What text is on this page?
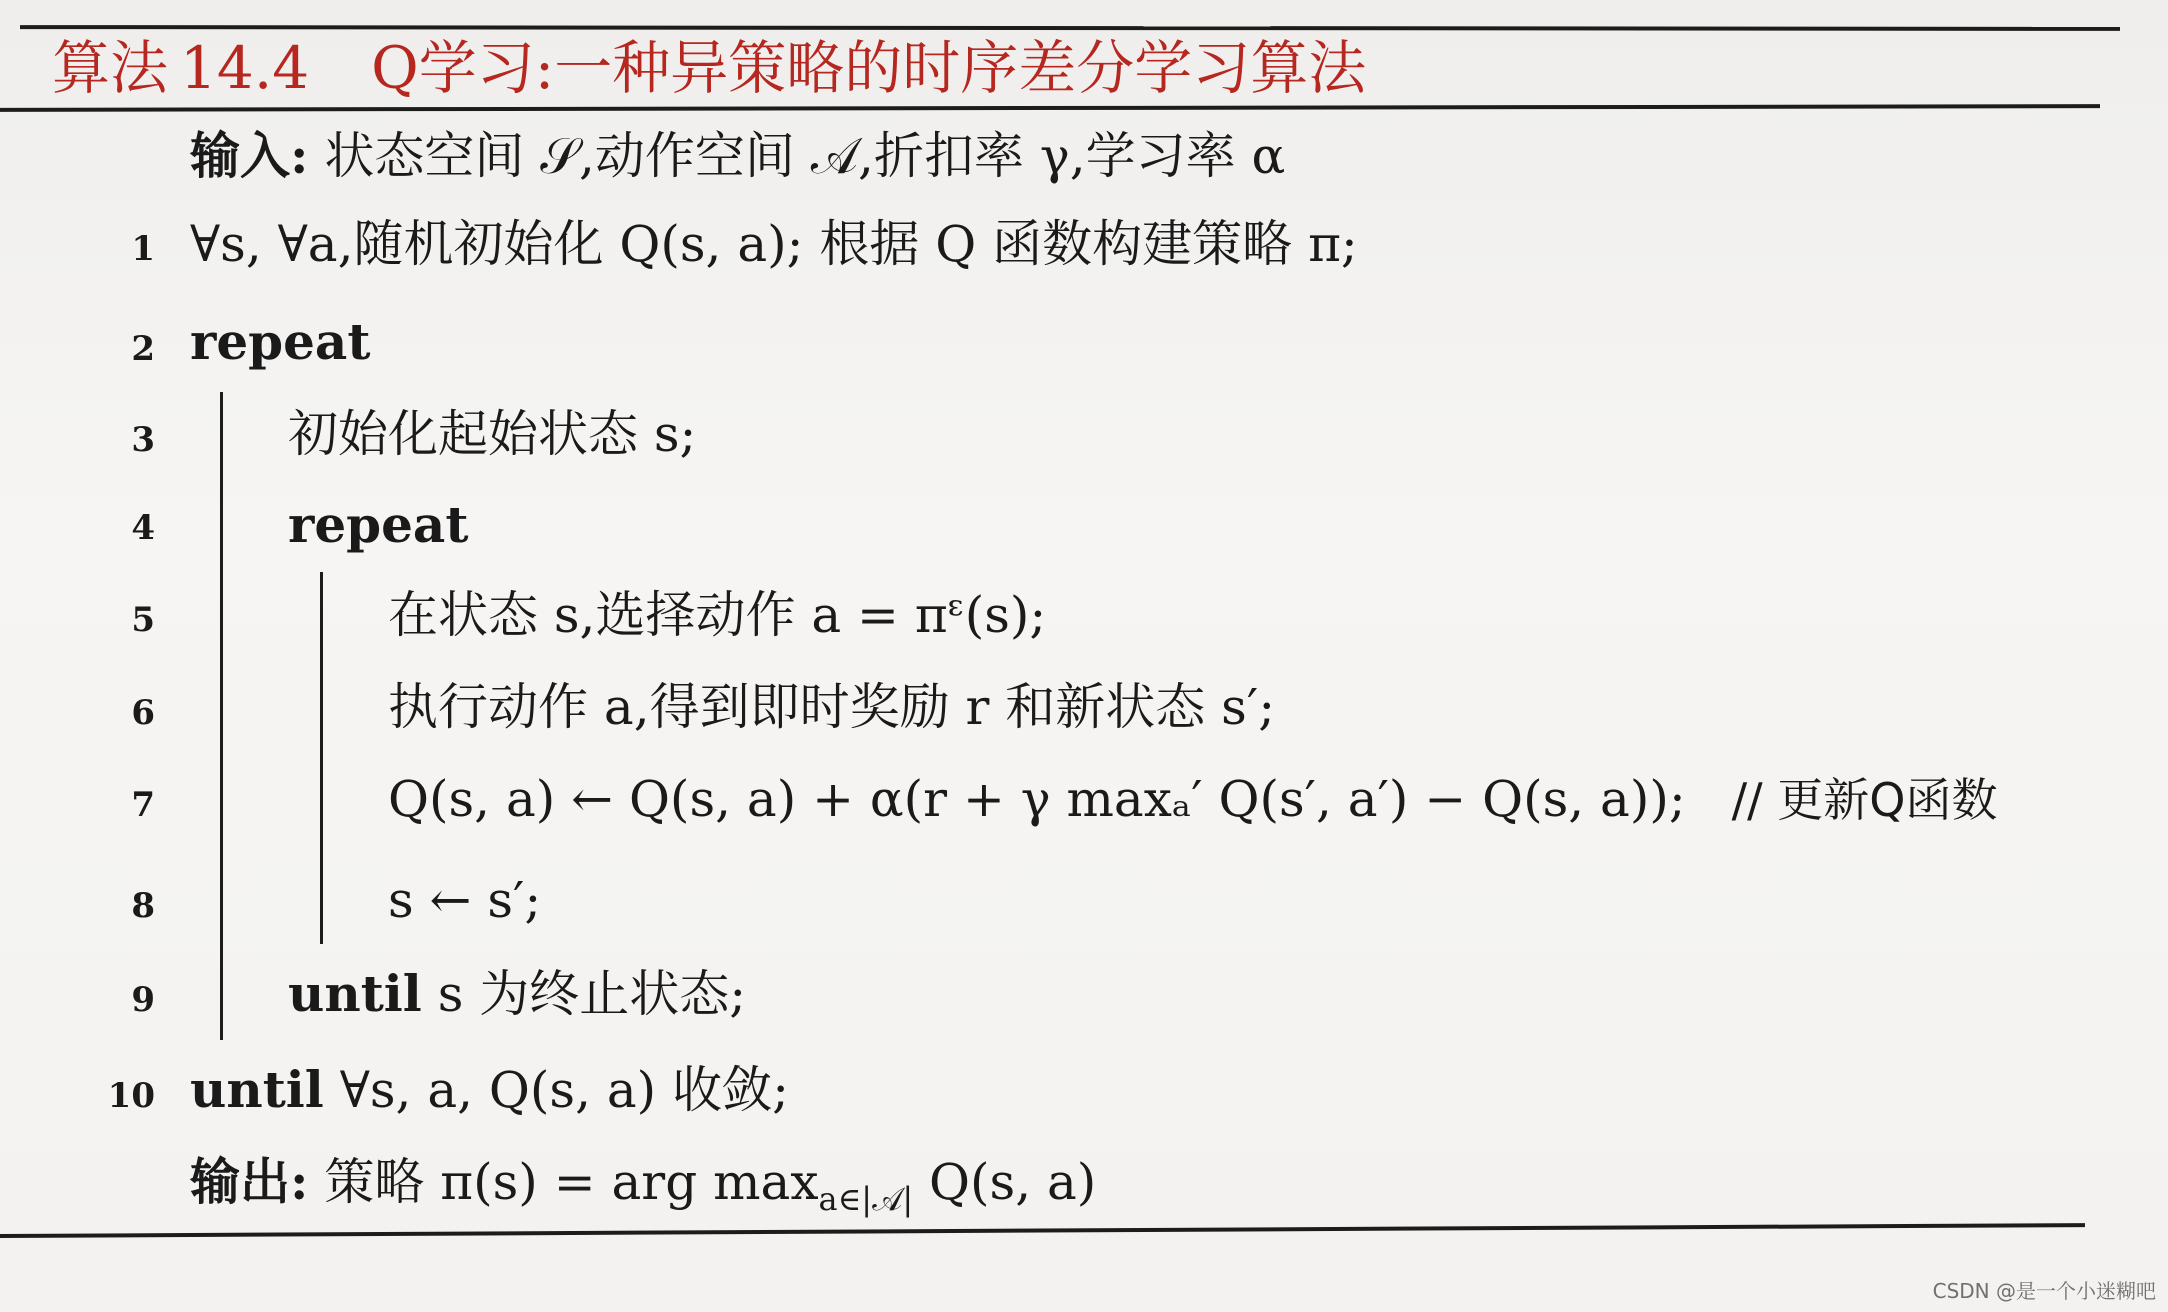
算法 14.4 Q学习:一种异策略的时序差分学习算法
输入: 状态空间 𝒮,动作空间 𝒜,折扣率 γ,学习率 α
1 ∀s, ∀a,随机初始化 Q(s, a); 根据 Q 函数构建策略 π;
2 repeat
3	初始化起始状态 s;
4	repeat
5	在状态 s,选择动作 a = πᵋ(s);
6	执行动作 a,得到即时奖励 r 和新状态 s′;
7	Q(s, a) ← Q(s, a) + α(r + γ maxₐ′ Q(s′, a′) − Q(s, a)); // 更新Q函数
8	s ← s′;
9	until s 为终止状态;
10 until ∀s, a, Q(s, a) 收敛;
输出: 策略 π(s) = arg $\max_{a\in|𝒜|} Q(s$, a)
CSDN @是一个小迷糊吧
